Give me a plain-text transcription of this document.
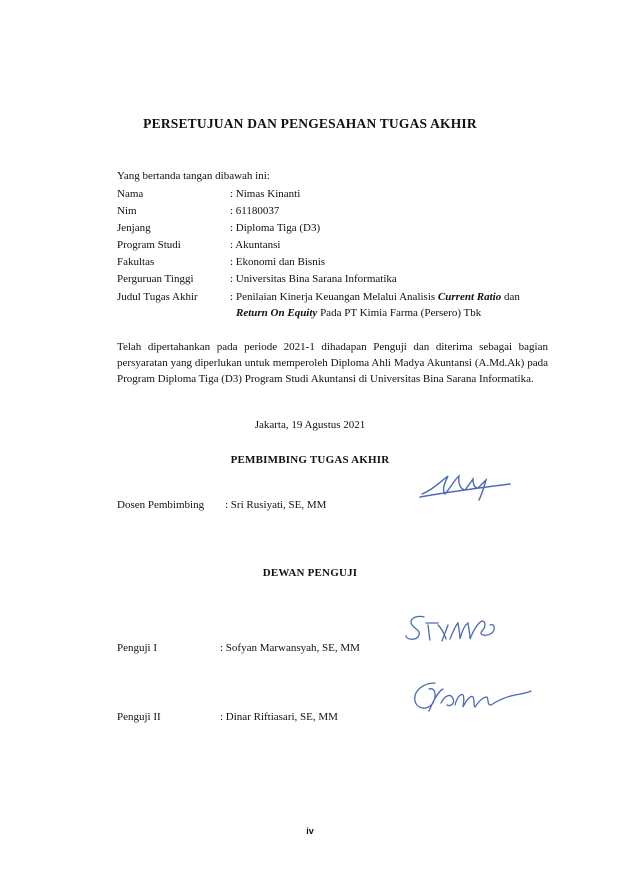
PERSETUJUAN DAN PENGESAHAN TUGAS AKHIR
Yang bertanda tangan dibawah ini:
Nama	: Nimas Kinanti
Nim	: 61180037
Jenjang	: Diploma Tiga (D3)
Program Studi	: Akuntansi
Fakultas	: Ekonomi dan Bisnis
Perguruan Tinggi	: Universitas Bina Sarana Informatika
Judul Tugas Akhir	: Penilaian Kinerja Keuangan Melalui Analisis Current Ratio dan Return On Equity Pada PT Kimia Farma (Persero) Tbk
Telah dipertahankan pada periode 2021-1 dihadapan Penguji dan diterima sebagai bagian persyaratan yang diperlukan untuk memperoleh Diploma Ahli Madya Akuntansi (A.Md.Ak) pada Program Diploma Tiga (D3) Program Studi Akuntansi di Universitas Bina Sarana Informatika.
Jakarta, 19 Agustus 2021
PEMBIMBING TUGAS AKHIR
Dosen Pembimbing : Sri Rusiyati, SE, MM
DEWAN PENGUJI
Penguji I	: Sofyan Marwansyah, SE, MM
Penguji II	: Dinar Riftiasari, SE, MM
iv
